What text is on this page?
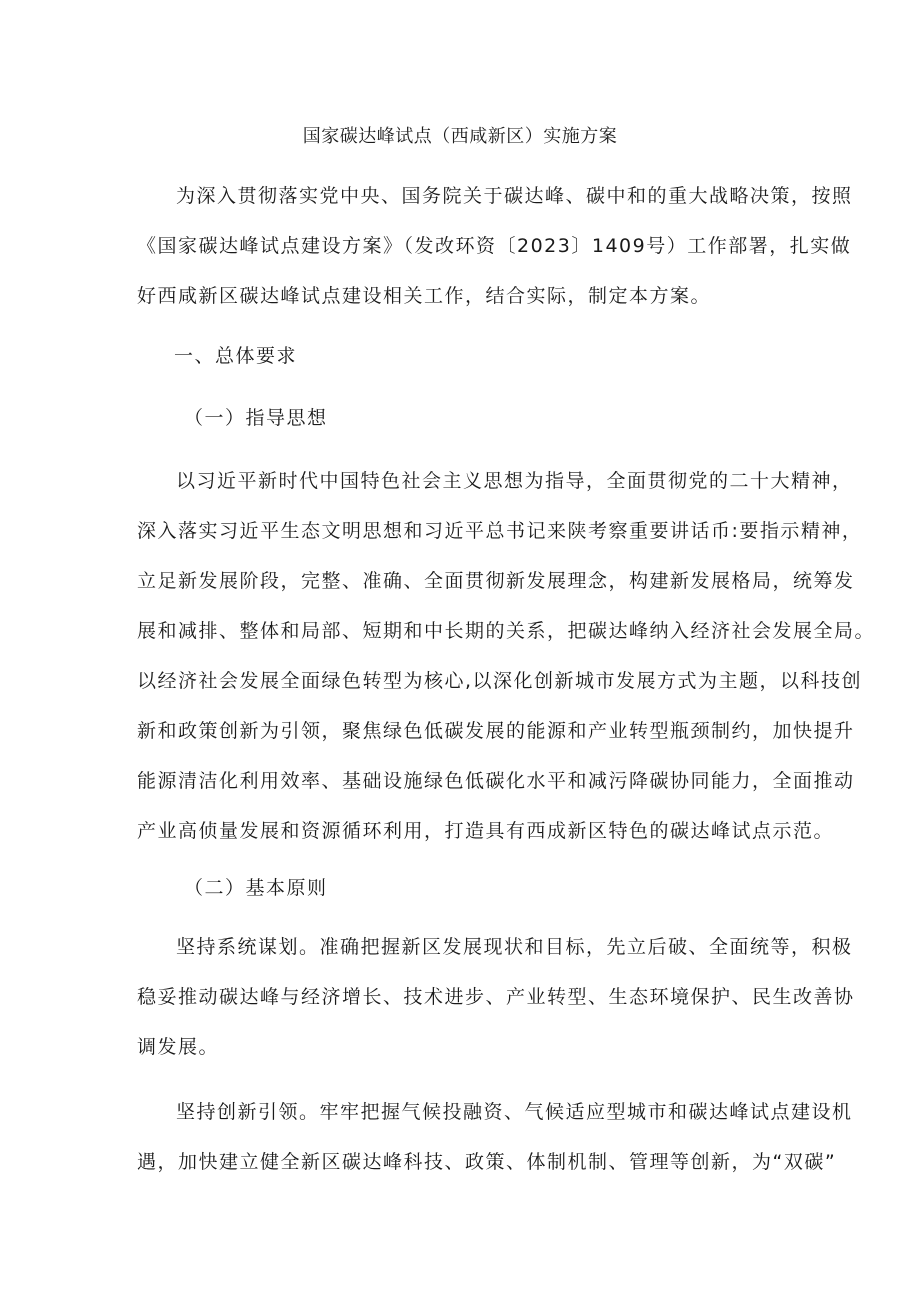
国家碳达峰试点（西咸新区）实施方案
为深入贯彻落实党中央、国务院关于碳达峰、碳中和的重大战略决策，按照
《国家碳达峰试点建设方案》（发改环资〔2023〕1409号）工作部署，扎实做
好西咸新区碳达峰试点建设相关工作，结合实际，制定本方案。
一、总体要求
（一）指导思想
以习近平新时代中国特色社会主义思想为指导，全面贯彻党的二十大精神，
深入落实习近平生态文明思想和习近平总书记来陕考察重要讲话币:要指示精神，
立足新发展阶段，完整、准确、全面贯彻新发展理念，构建新发展格局，统筹发
展和减排、整体和局部、短期和中长期的关系，把碳达峰纳入经济社会发展全局。
以经济社会发展全面绿色转型为核心,以深化创新城市发展方式为主题，以科技创
新和政策创新为引领，聚焦绿色低碳发展的能源和产业转型瓶颈制约，加快提升
能源清洁化利用效率、基础设施绿色低碳化水平和减污降碳协同能力，全面推动
产业高侦量发展和资源循环利用，打造具有西成新区特色的碳达峰试点示范。
（二）基本原则
坚持系统谋划。准确把握新区发展现状和目标，先立后破、全面统等，积极
稳妥推动碳达峰与经济增长、技术进步、产业转型、生态环境保护、民生改善协
调发展。
坚持创新引领。牢牢把握气候投融资、气候适应型城市和碳达峰试点建设机
遇，加快建立健全新区碳达峰科技、政策、体制机制、管理等创新，为“双碳”
